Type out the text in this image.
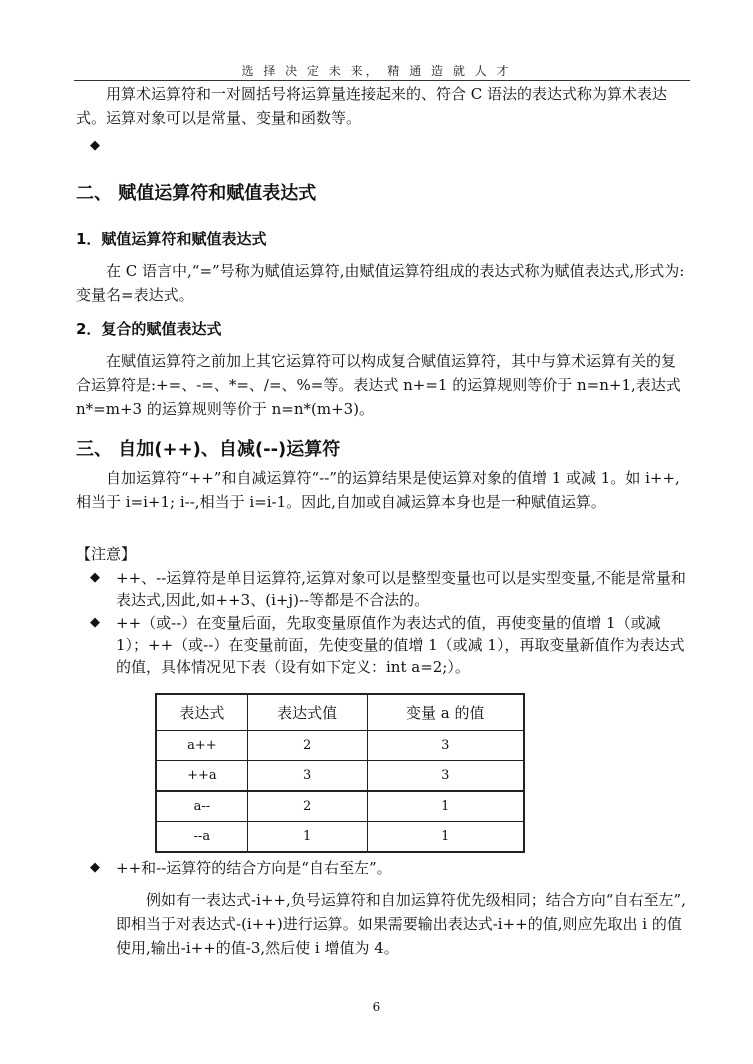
选 择 决 定 未 来， 精 通 造 就 人 才
用算术运算符和一对圆括号将运算量连接起来的、符合 C 语法的表达式称为算术表达式。运算对象可以是常量、变量和函数等。
◆
二、 赋值运算符和赋值表达式
1．赋值运算符和赋值表达式
在 C 语言中,“=”号称为赋值运算符,由赋值运算符组成的表达式称为赋值表达式,形式为: 变量名=表达式。
2．复合的赋值表达式
在赋值运算符之前加上其它运算符可以构成复合赋值运算符，其中与算术运算有关的复合运算符是:+=、-=、*=、/=、%=等。表达式 n+=1 的运算规则等价于 n=n+1,表达式 n*=m+3 的运算规则等价于 n=n*(m+3)。
三、 自加(++)、自减(--)运算符
自加运算符“++”和自减运算符“--”的运算结果是使运算对象的值增 1 或减 1。如 i++,相当于 i=i+1; i--,相当于 i=i-1。因此,自加或自减运算本身也是一种赋值运算。
【注意】
◆ ++、--运算符是单目运算符,运算对象可以是整型变量也可以是实型变量,不能是常量和表达式,因此,如++3、(i+j)--等都是不合法的。
◆ ++（或--）在变量后面，先取变量原值作为表达式的值，再使变量的值增 1（或减 1）；++（或--）在变量前面，先使变量的值增 1（或减 1），再取变量新值作为表达式的值，具体情况见下表（设有如下定义：int a=2;）。
表达式	表达式值	变量 a 的值
a++	2	3
++a	3	3
a--	2	1
--a	1	1
◆ ++和--运算符的结合方向是“自右至左”。
例如有一表达式-i++,负号运算符和自加运算符优先级相同；结合方向“自右至左”,即相当于对表达式-(i++)进行运算。如果需要输出表达式-i++的值,则应先取出 i 的值使用,输出-i++的值-3,然后使 i 增值为 4。
6
